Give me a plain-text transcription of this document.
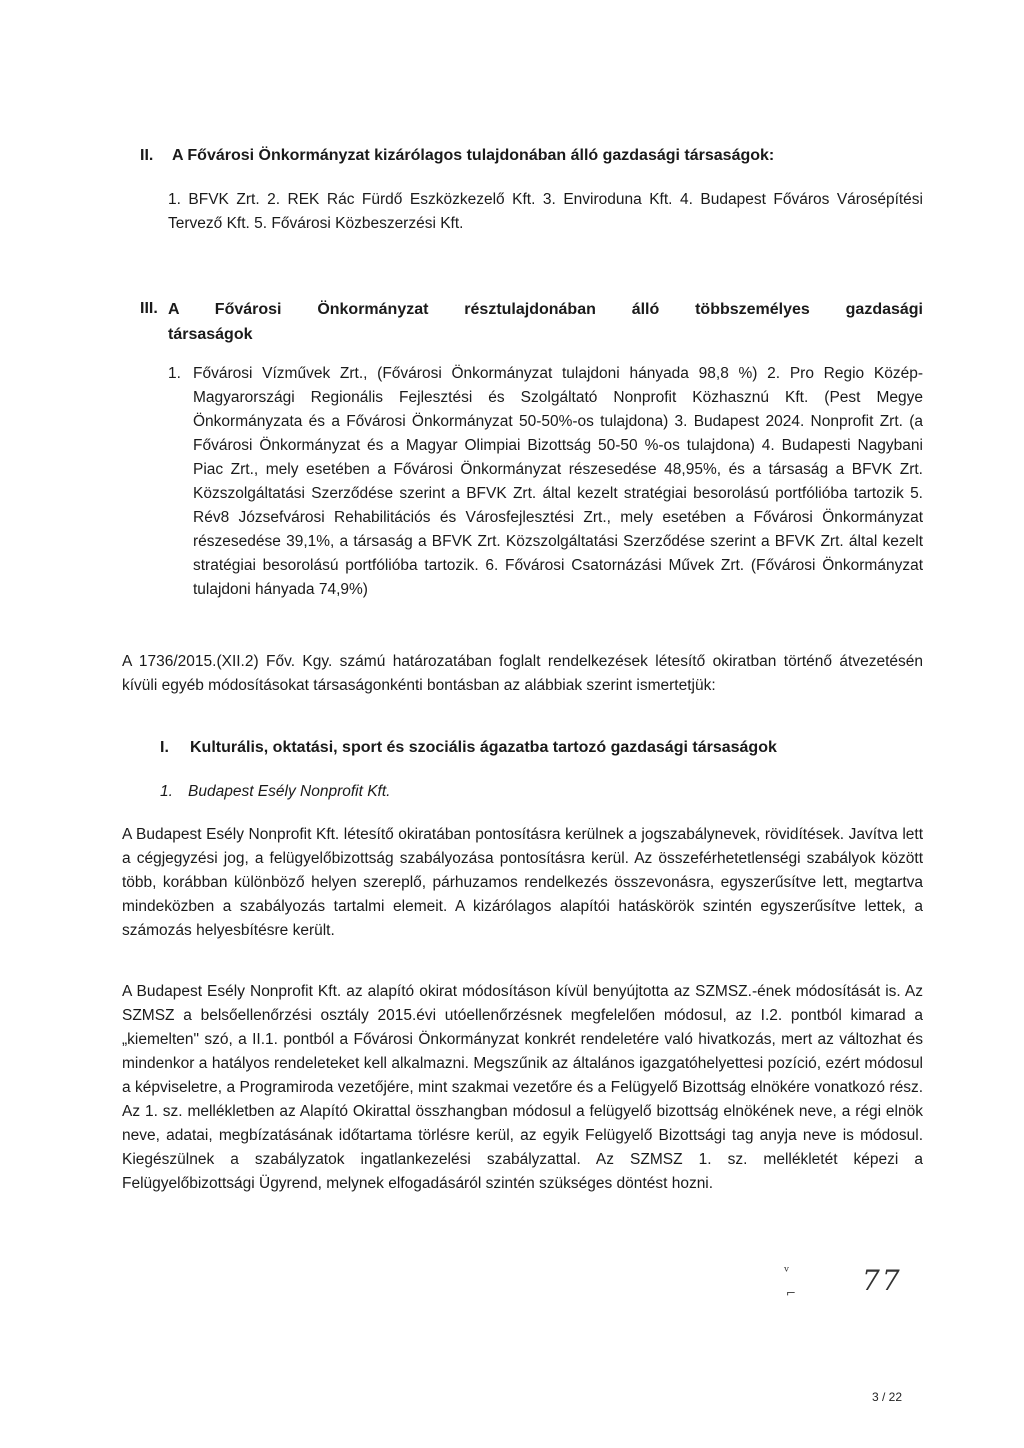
II.	A Fővárosi Önkormányzat kizárólagos tulajdonában álló gazdasági társaságok:
1. BFVK Zrt. 2. REK Rác Fürdő Eszközkezelő Kft. 3. Enviroduna Kft. 4. Budapest Főváros Városépítési Tervező Kft. 5. Fővárosi Közbeszerzési Kft.
III. A Fővárosi Önkormányzat résztulajdonában álló többszemélyes gazdasági társaságok
1. Fővárosi Vízművek Zrt., (Fővárosi Önkormányzat tulajdoni hányada 98,8 %) 2. Pro Regio Közép-Magyarországi Regionális Fejlesztési és Szolgáltató Nonprofit Közhasznú Kft. (Pest Megye Önkormányzata és a Fővárosi Önkormányzat 50-50%-os tulajdona) 3. Budapest 2024. Nonprofit Zrt. (a Fővárosi Önkormányzat és a Magyar Olimpiai Bizottság 50-50 %-os tulajdona) 4. Budapesti Nagybani Piac Zrt., mely esetében a Fővárosi Önkormányzat részesedése 48,95%, és a társaság a BFVK Zrt. Közszolgáltatási Szerződése szerint a BFVK Zrt. által kezelt stratégiai besorolású portfólióba tartozik 5. Rév8 Józsefvárosi Rehabilitációs és Városfejlesztési Zrt., mely esetében a Fővárosi Önkormányzat részesedése 39,1%, a társaság a BFVK Zrt. Közszolgáltatási Szerződése szerint a BFVK Zrt. által kezelt stratégiai besorolású portfólióba tartozik. 6. Fővárosi Csatornázási Művek Zrt. (Fővárosi Önkormányzat tulajdoni hányada 74,9%)
A 1736/2015.(XII.2) Főv. Kgy. számú határozatában foglalt rendelkezések létesítő okiratban történő átvezetésén kívüli egyéb módosításokat társaságonkénti bontásban az alábbiak szerint ismertetjük:
I.	Kulturális, oktatási, sport és szociális ágazatba tartozó gazdasági társaságok
1. Budapest Esély Nonprofit Kft.
A Budapest Esély Nonprofit Kft. létesítő okiratában pontosításra kerülnek a jogszabálynevek, rövidítések. Javítva lett a cégjegyzési jog, a felügyelőbizottság szabályozása pontosításra kerül. Az összeférhetetlenségi szabályok között több, korábban különböző helyen szereplő, párhuzamos rendelkezés összevonásra, egyszerűsítve lett, megtartva mindeközben a szabályozás tartalmi elemeit. A kizárólagos alapítói hatáskörök szintén egyszerűsítve lettek, a számozás helyesbítésre került.
A Budapest Esély Nonprofit Kft. az alapító okirat módosításon kívül benyújtotta az SZMSZ.-ének módosítását is. Az SZMSZ a belsőellenőrzési osztály 2015.évi utóellenőrzésnek megfelelően módosul, az I.2. pontból kimarad a „kiemelten" szó, a II.1. pontból a Fővárosi Önkormányzat konkrét rendeletére való hivatkozás, mert az változhat és mindenkor a hatályos rendeleteket kell alkalmazni. Megszűnik az általános igazgatóhelyettesi pozíció, ezért módosul a képviseletre, a Programiroda vezetőjére, mint szakmai vezetőre és a Felügyelő Bizottság elnökére vonatkozó rész. Az 1. sz. mellékletben az Alapító Okirattal összhangban módosul a felügyelő bizottság elnökének neve, a régi elnök neve, adatai, megbízatásának időtartama törlésre kerül, az egyik Felügyelő Bizottsági tag anyja neve is módosul. Kiegészülnek a szabályzatok ingatlankezelési szabályzattal. Az SZMSZ 1. sz. mellékletét képezi a Felügyelőbizottsági Ügyrend, melynek elfogadásáról szintén szükséges döntést hozni.
ᵛ
⌐ 77
3 / 22
